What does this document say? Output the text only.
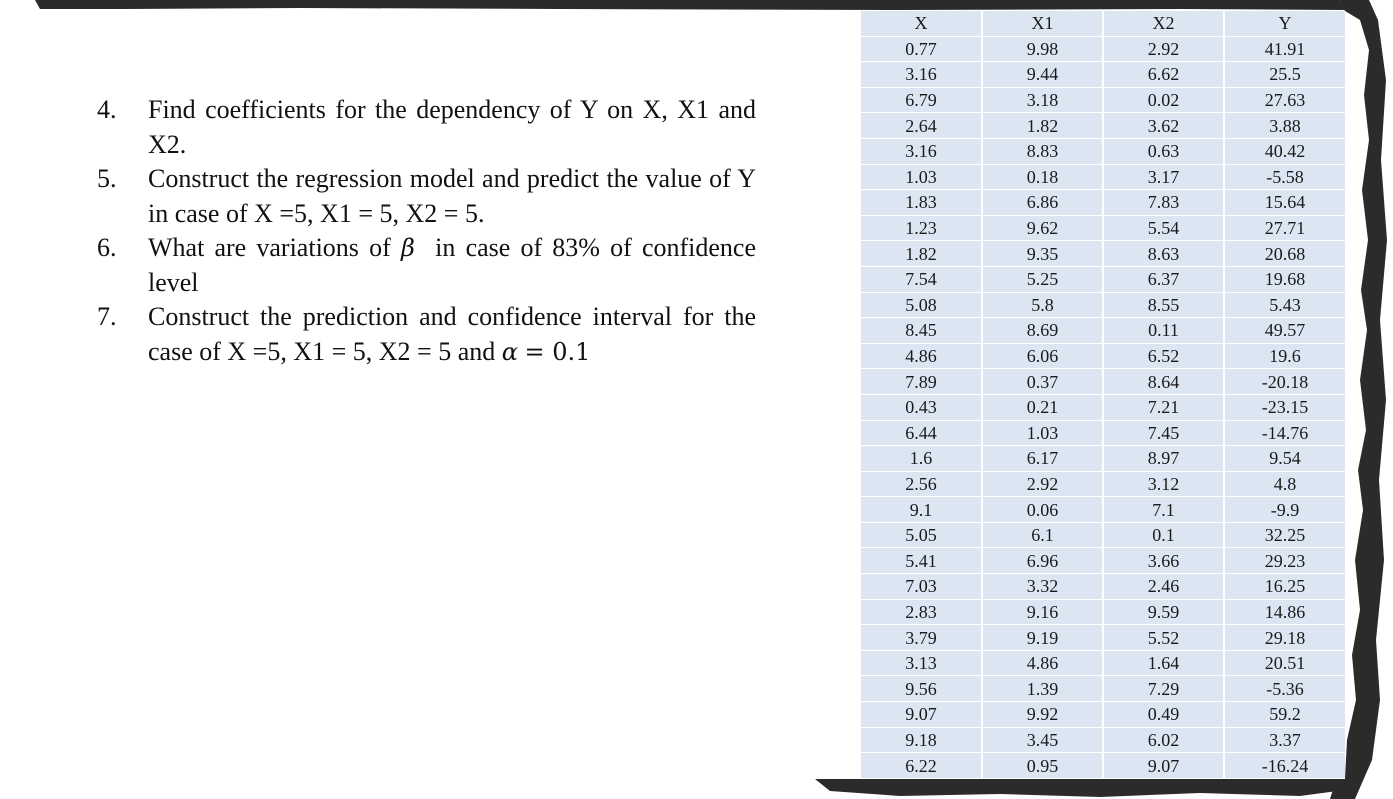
4. Find coefficients for the dependency of Y on X, X1 and X2.
5. Construct the regression model and predict the value of Y in case of X =5, X1 = 5, X2 = 5.
6. What are variations of β in case of 83% of confidence level
7. Construct the prediction and confidence interval for the case of X =5, X1 = 5, X2 = 5 and α = 0.1
X	X1	X2	Y
0.77	9.98	2.92	41.91
3.16	9.44	6.62	25.5
6.79	3.18	0.02	27.63
2.64	1.82	3.62	3.88
3.16	8.83	0.63	40.42
1.03	0.18	3.17	-5.58
1.83	6.86	7.83	15.64
1.23	9.62	5.54	27.71
1.82	9.35	8.63	20.68
7.54	5.25	6.37	19.68
5.08	5.8	8.55	5.43
8.45	8.69	0.11	49.57
4.86	6.06	6.52	19.6
7.89	0.37	8.64	-20.18
0.43	0.21	7.21	-23.15
6.44	1.03	7.45	-14.76
1.6	6.17	8.97	9.54
2.56	2.92	3.12	4.8
9.1	0.06	7.1	-9.9
5.05	6.1	0.1	32.25
5.41	6.96	3.66	29.23
7.03	3.32	2.46	16.25
2.83	9.16	9.59	14.86
3.79	9.19	5.52	29.18
3.13	4.86	1.64	20.51
9.56	1.39	7.29	-5.36
9.07	9.92	0.49	59.2
9.18	3.45	6.02	3.37
6.22	0.95	9.07	-16.24
